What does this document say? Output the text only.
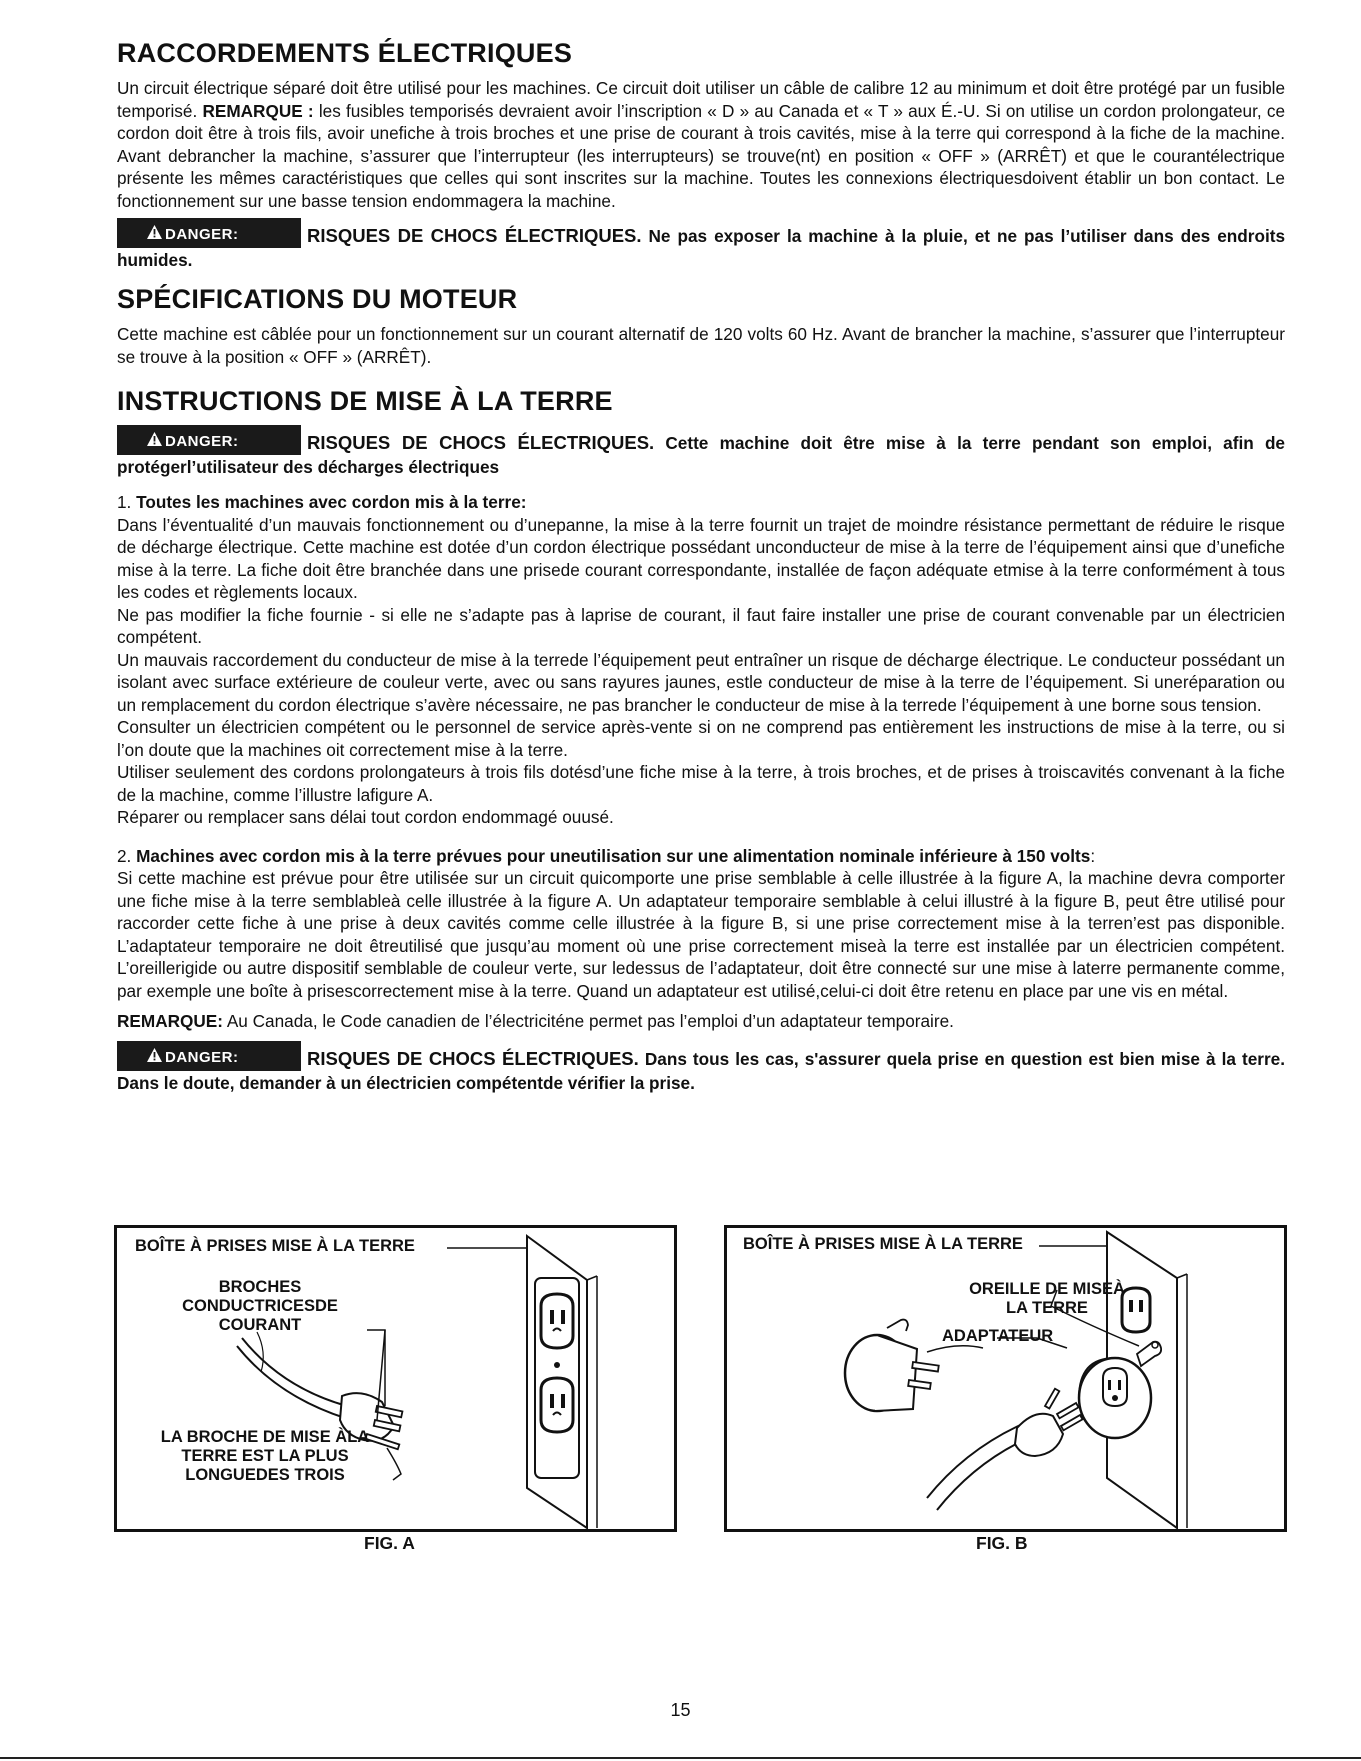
RACCORDEMENTS ÉLECTRIQUES

Un circuit électrique séparé doit être utilisé pour les machines. Ce circuit doit utiliser un câble de calibre 12 au minimum et doit être protégé par un fusible temporisé. REMARQUE : les fusibles temporisés devraient avoir l’inscription « D » au Canada et « T » aux É.-U. Si on utilise un cordon prolongateur, ce cordon doit être à trois fils, avoir unefiche à trois broches et une prise de courant à trois cavités, mise à la terre qui correspond à la fiche de la machine. Avant debrancher la machine, s’assurer que l’interrupteur (les interrupteurs) se trouve(nt) en position « OFF » (ARRÊT) et que le courantélectrique présente les mêmes caractéristiques que celles qui sont inscrites sur la machine. Toutes les connexions électriquesdoivent établir un bon contact. Le fonctionnement sur une basse tension endommagera la machine.

DANGER:	RISQUES DE CHOCS ÉLECTRIQUES. Ne pas exposer la machine à la pluie, et ne pas l’utiliser dans des endroits humides.
SPÉCIFICATIONS DU MOTEUR

Cette machine est câblée pour un fonctionnement sur un courant alternatif de 120 volts 60 Hz. Avant de brancher la machine, s’assurer que l’interrupteur se trouve à la position « OFF » (ARRÊT).

INSTRUCTIONS DE MISE À LA TERRE
DANGER:	RISQUES DE CHOCS ÉLECTRIQUES. Cette machine doit être mise à la terre pendant son emploi, afin de protégerl’utilisateur des décharges électriques
1. Toutes les machines avec cordon mis à la terre:

Dans l’éventualité d’un mauvais fonctionnement ou d’unepanne, la mise à la terre fournit un trajet de moindre résistance permettant de réduire le risque de décharge électrique. Cette machine est dotée d’un cordon électrique possédant unconducteur de mise à la terre de l’équipement ainsi que d’unefiche mise à la terre. La fiche doit être branchée dans une prisede courant correspondante, installée de façon adéquate etmise à la terre conformément à tous les codes et règlements locaux.

Ne pas modifier la fiche fournie - si elle ne s’adapte pas à laprise de courant, il faut faire installer une prise de courant convenable par un électricien compétent.

Un mauvais raccordement du conducteur de mise à la terrede l’équipement peut entraîner un risque de décharge électrique. Le conducteur possédant un isolant avec surface extérieure de couleur verte, avec ou sans rayures jaunes, estle conducteur de mise à la terre de l’équipement. Si uneréparation ou un remplacement du cordon électrique s’avère nécessaire, ne pas brancher le conducteur de mise à la terrede l’équipement à une borne sous tension.

Consulter un électricien compétent ou le personnel de service après-vente si on ne comprend pas entièrement les instructions de mise à la terre, ou si l’on doute que la machines oit correctement mise à la terre.

Utiliser seulement des cordons prolongateurs à trois fils dotésd’une fiche mise à la terre, à trois broches, et de prises à troiscavités convenant à la fiche de la machine, comme l’illustre lafigure A.

Réparer ou remplacer sans délai tout cordon endommagé ouusé.

2. Machines avec cordon mis à la terre prévues pour uneutilisation sur une alimentation nominale inférieure à 150 volts:

Si cette machine est prévue pour être utilisée sur un circuit quicomporte une prise semblable à celle illustrée à la figure A, la machine devra comporter une fiche mise à la terre semblableà celle illustrée à la figure A. Un adaptateur temporaire semblable à celui illustré à la figure B, peut être utilisé pour raccorder cette fiche à une prise à deux cavités comme celle illustrée à la figure B, si une prise correctement mise à la terren’est pas disponible. L’adaptateur temporaire ne doit êtreutilisé que jusqu’au moment où une prise correctement miseà la terre est installée par un électricien compétent. L’oreillerigide ou autre dispositif semblable de couleur verte, sur ledessus de l’adaptateur, doit être connecté sur une mise à laterre permanente comme, par exemple une boîte à prisescorrectement mise à la terre. Quand un adaptateur est utilisé,celui-ci doit être retenu en place par une vis en métal.

REMARQUE: Au Canada, le Code canadien de l’électriciténe permet pas l’emploi d’un adaptateur temporaire.

DANGER:	RISQUES DE CHOCS ÉLECTRIQUES. Dans tous les cas, s'assurer quela prise en question est bien mise à la terre. Dans le doute, demander à un électricien compétentde vérifier la prise.
BOÎTE À PRISES MISE À LA TERRE
BROCHES CONDUCTRICESDE COURANT
LA BROCHE DE MISE ÀLA TERRE EST LA PLUS LONGUEDES TROIS
FIG. A
BOÎTE À PRISES MISE À LA TERRE
OREILLE DE MISEÀ LA TERRE
ADAPTATEUR
FIG. B
15
